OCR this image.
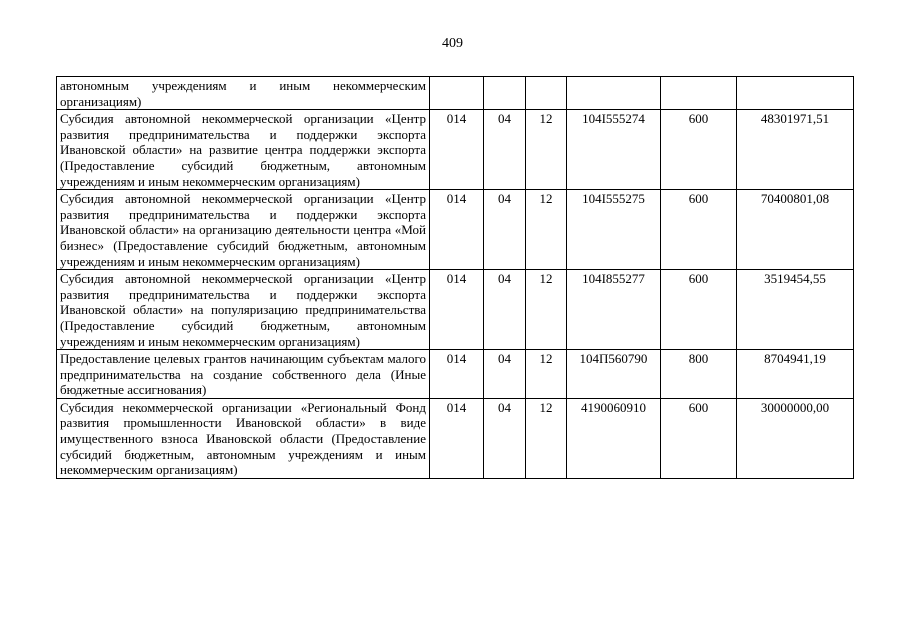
409
автономным учреждениям и иным некоммерческим организациям)						
Субсидия автономной некоммерческой организации «Центр развития предпринимательства и поддержки экспорта Ивановской области» на развитие центра поддержки экспорта (Предоставление субсидий бюджетным, автономным учреждениям и иным некоммерческим организациям)	014	04	12	104I555274	600	48301971,51
Субсидия автономной некоммерческой организации «Центр развития предпринимательства и поддержки экспорта Ивановской области» на организацию деятельности центра «Мой бизнес» (Предоставление субсидий бюджетным, автономным учреждениям и иным некоммерческим организациям)	014	04	12	104I555275	600	70400801,08
Субсидия автономной некоммерческой организации «Центр развития предпринимательства и поддержки экспорта Ивановской области» на популяризацию предпринимательства (Предоставление субсидий бюджетным, автономным учреждениям и иным некоммерческим организациям)	014	04	12	104I855277	600	3519454,55
Предоставление целевых грантов начинающим субъектам малого предпринимательства на создание собственного дела (Иные бюджетные ассигнования)	014	04	12	104П560790	800	8704941,19
Субсидия некоммерческой организации «Региональный Фонд развития промышленности Ивановской области» в виде имущественного взноса Ивановской области (Предоставление субсидий бюджетным, автономным учреждениям и иным некоммерческим организациям)	014	04	12	4190060910	600	30000000,00
